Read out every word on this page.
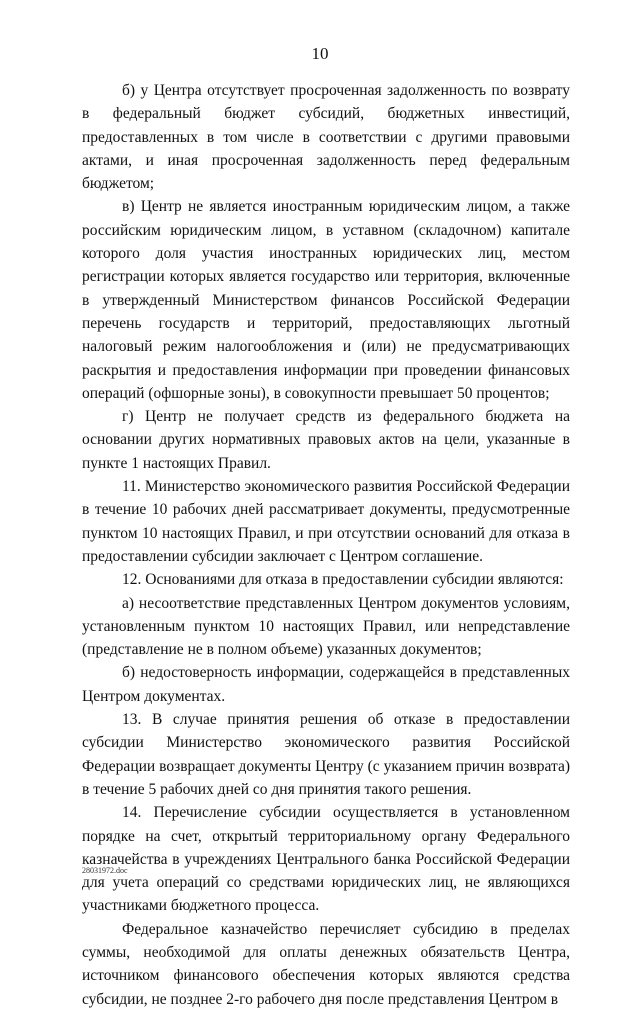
10

б) у Центра отсутствует просроченная задолженность по возврату в федеральный бюджет субсидий, бюджетных инвестиций, предоставленных в том числе в соответствии с другими правовыми актами, и иная просроченная задолженность перед федеральным бюджетом;

в) Центр не является иностранным юридическим лицом, а также российским юридическим лицом, в уставном (складочном) капитале которого доля участия иностранных юридических лиц, местом регистрации которых является государство или территория, включенные в утвержденный Министерством финансов Российской Федерации перечень государств и территорий, предоставляющих льготный налоговый режим налогообложения и (или) не предусматривающих раскрытия и предоставления информации при проведении финансовых операций (офшорные зоны), в совокупности превышает 50 процентов;

г) Центр не получает средств из федерального бюджета на основании других нормативных правовых актов на цели, указанные в пункте 1 настоящих Правил.

11. Министерство экономического развития Российской Федерации в течение 10 рабочих дней рассматривает документы, предусмотренные пунктом 10 настоящих Правил, и при отсутствии оснований для отказа в предоставлении субсидии заключает с Центром соглашение.

12. Основаниями для отказа в предоставлении субсидии являются:

а) несоответствие представленных Центром документов условиям, установленным пунктом 10 настоящих Правил, или непредставление (представление не в полном объеме) указанных документов;

б) недостоверность информации, содержащейся в представленных Центром документах.

13. В случае принятия решения об отказе в предоставлении субсидии Министерство экономического развития Российской Федерации возвращает документы Центру (с указанием причин возврата) в течение 5 рабочих дней со дня принятия такого решения.

14. Перечисление субсидии осуществляется в установленном порядке на счет, открытый территориальному органу Федерального казначейства в учреждениях Центрального банка Российской Федерации для учета операций со средствами юридических лиц, не являющихся участниками бюджетного процесса.

Федеральное казначейство перечисляет субсидию в пределах суммы, необходимой для оплаты денежных обязательств Центра, источником финансового обеспечения которых являются средства субсидии, не позднее 2-го рабочего дня после представления Центром в

28031972.doc
